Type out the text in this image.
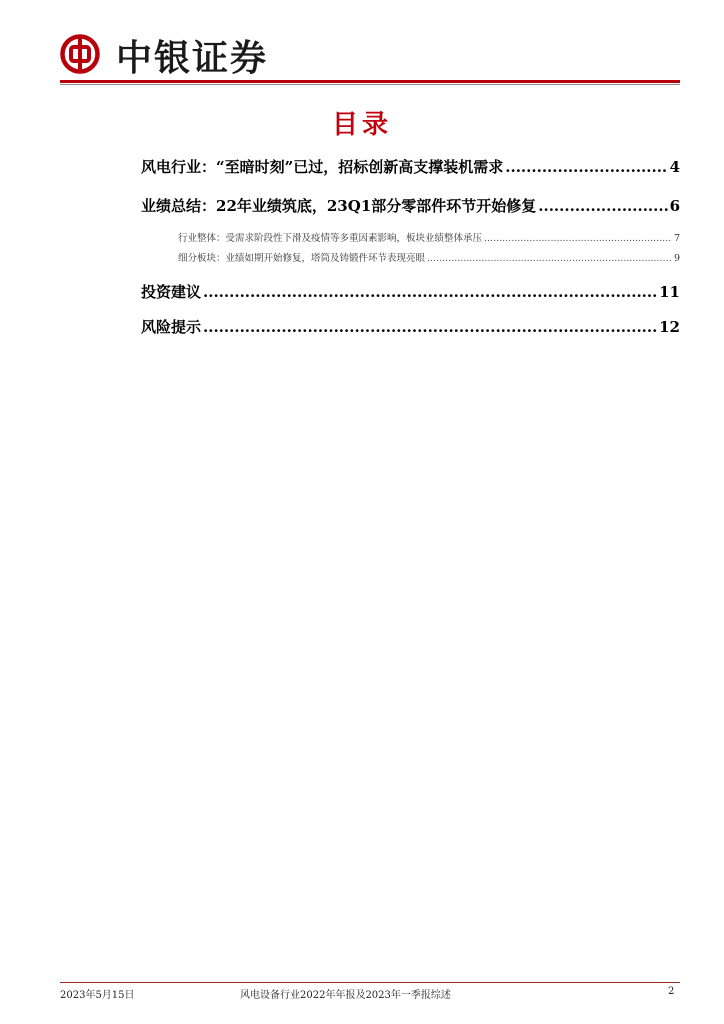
中银证券
目录
风电行业：“至暗时刻”已过，招标创新高支撑装机需求 .....	4
业绩总结：22年业绩筑底，23Q1部分零部件环节开始修复 .....	6
行业整体：受需求阶段性下滑及疫情等多重因素影响，板块业绩整体承压 .....	7
细分板块：业绩如期开始修复，塔筒及铸锻件环节表现亮眼 .....	9
投资建议 .....	11
风险提示 .....	12
2023年5月15日	风电设备行业2022年年报及2023年一季报综述	2
